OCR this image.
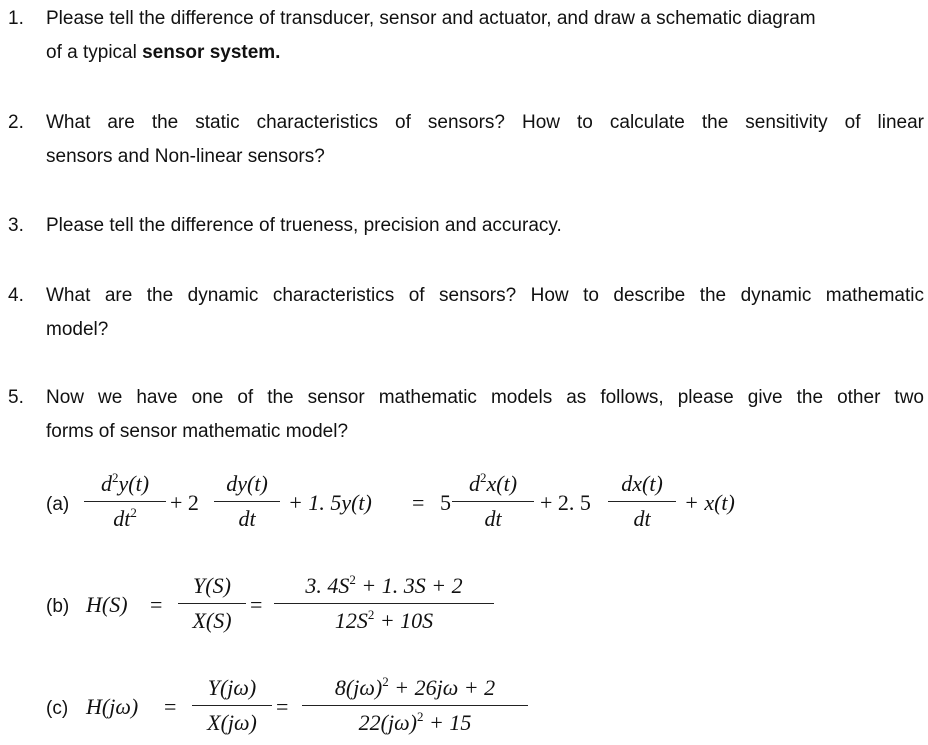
1. Please tell the difference of transducer, sensor and actuator, and draw a schematic diagram
of a typical sensor system.
2. What are the static characteristics of sensors? How to calculate the sensitivity of linear
sensors and Non-linear sensors?
3. Please tell the difference of trueness, precision and accuracy.
4. What are the dynamic characteristics of sensors? How to describe the dynamic mathematic
model?
5. Now we have one of the sensor mathematic models as follows, please give the other two
forms of sensor mathematic model?
(a)
$d^2y(t)$
$dt^2$	+ 2
dy(t)
dt
+ 1. 5y(t) = 5
$d^2x(t)$
dt
+ 2. 5
dx(t)
dt
+ x(t)
(b) H(S) =
Y(S)
X(S)
=
3. $4S^2 + 1$. 3S + 2
$12S^2 + 10S$
(c) H(jω) =
Y(jω)
X(jω)
=
$8(j\omega)^2 + 26j\omega + 2$
$22(j\omega)^2 + 15$
